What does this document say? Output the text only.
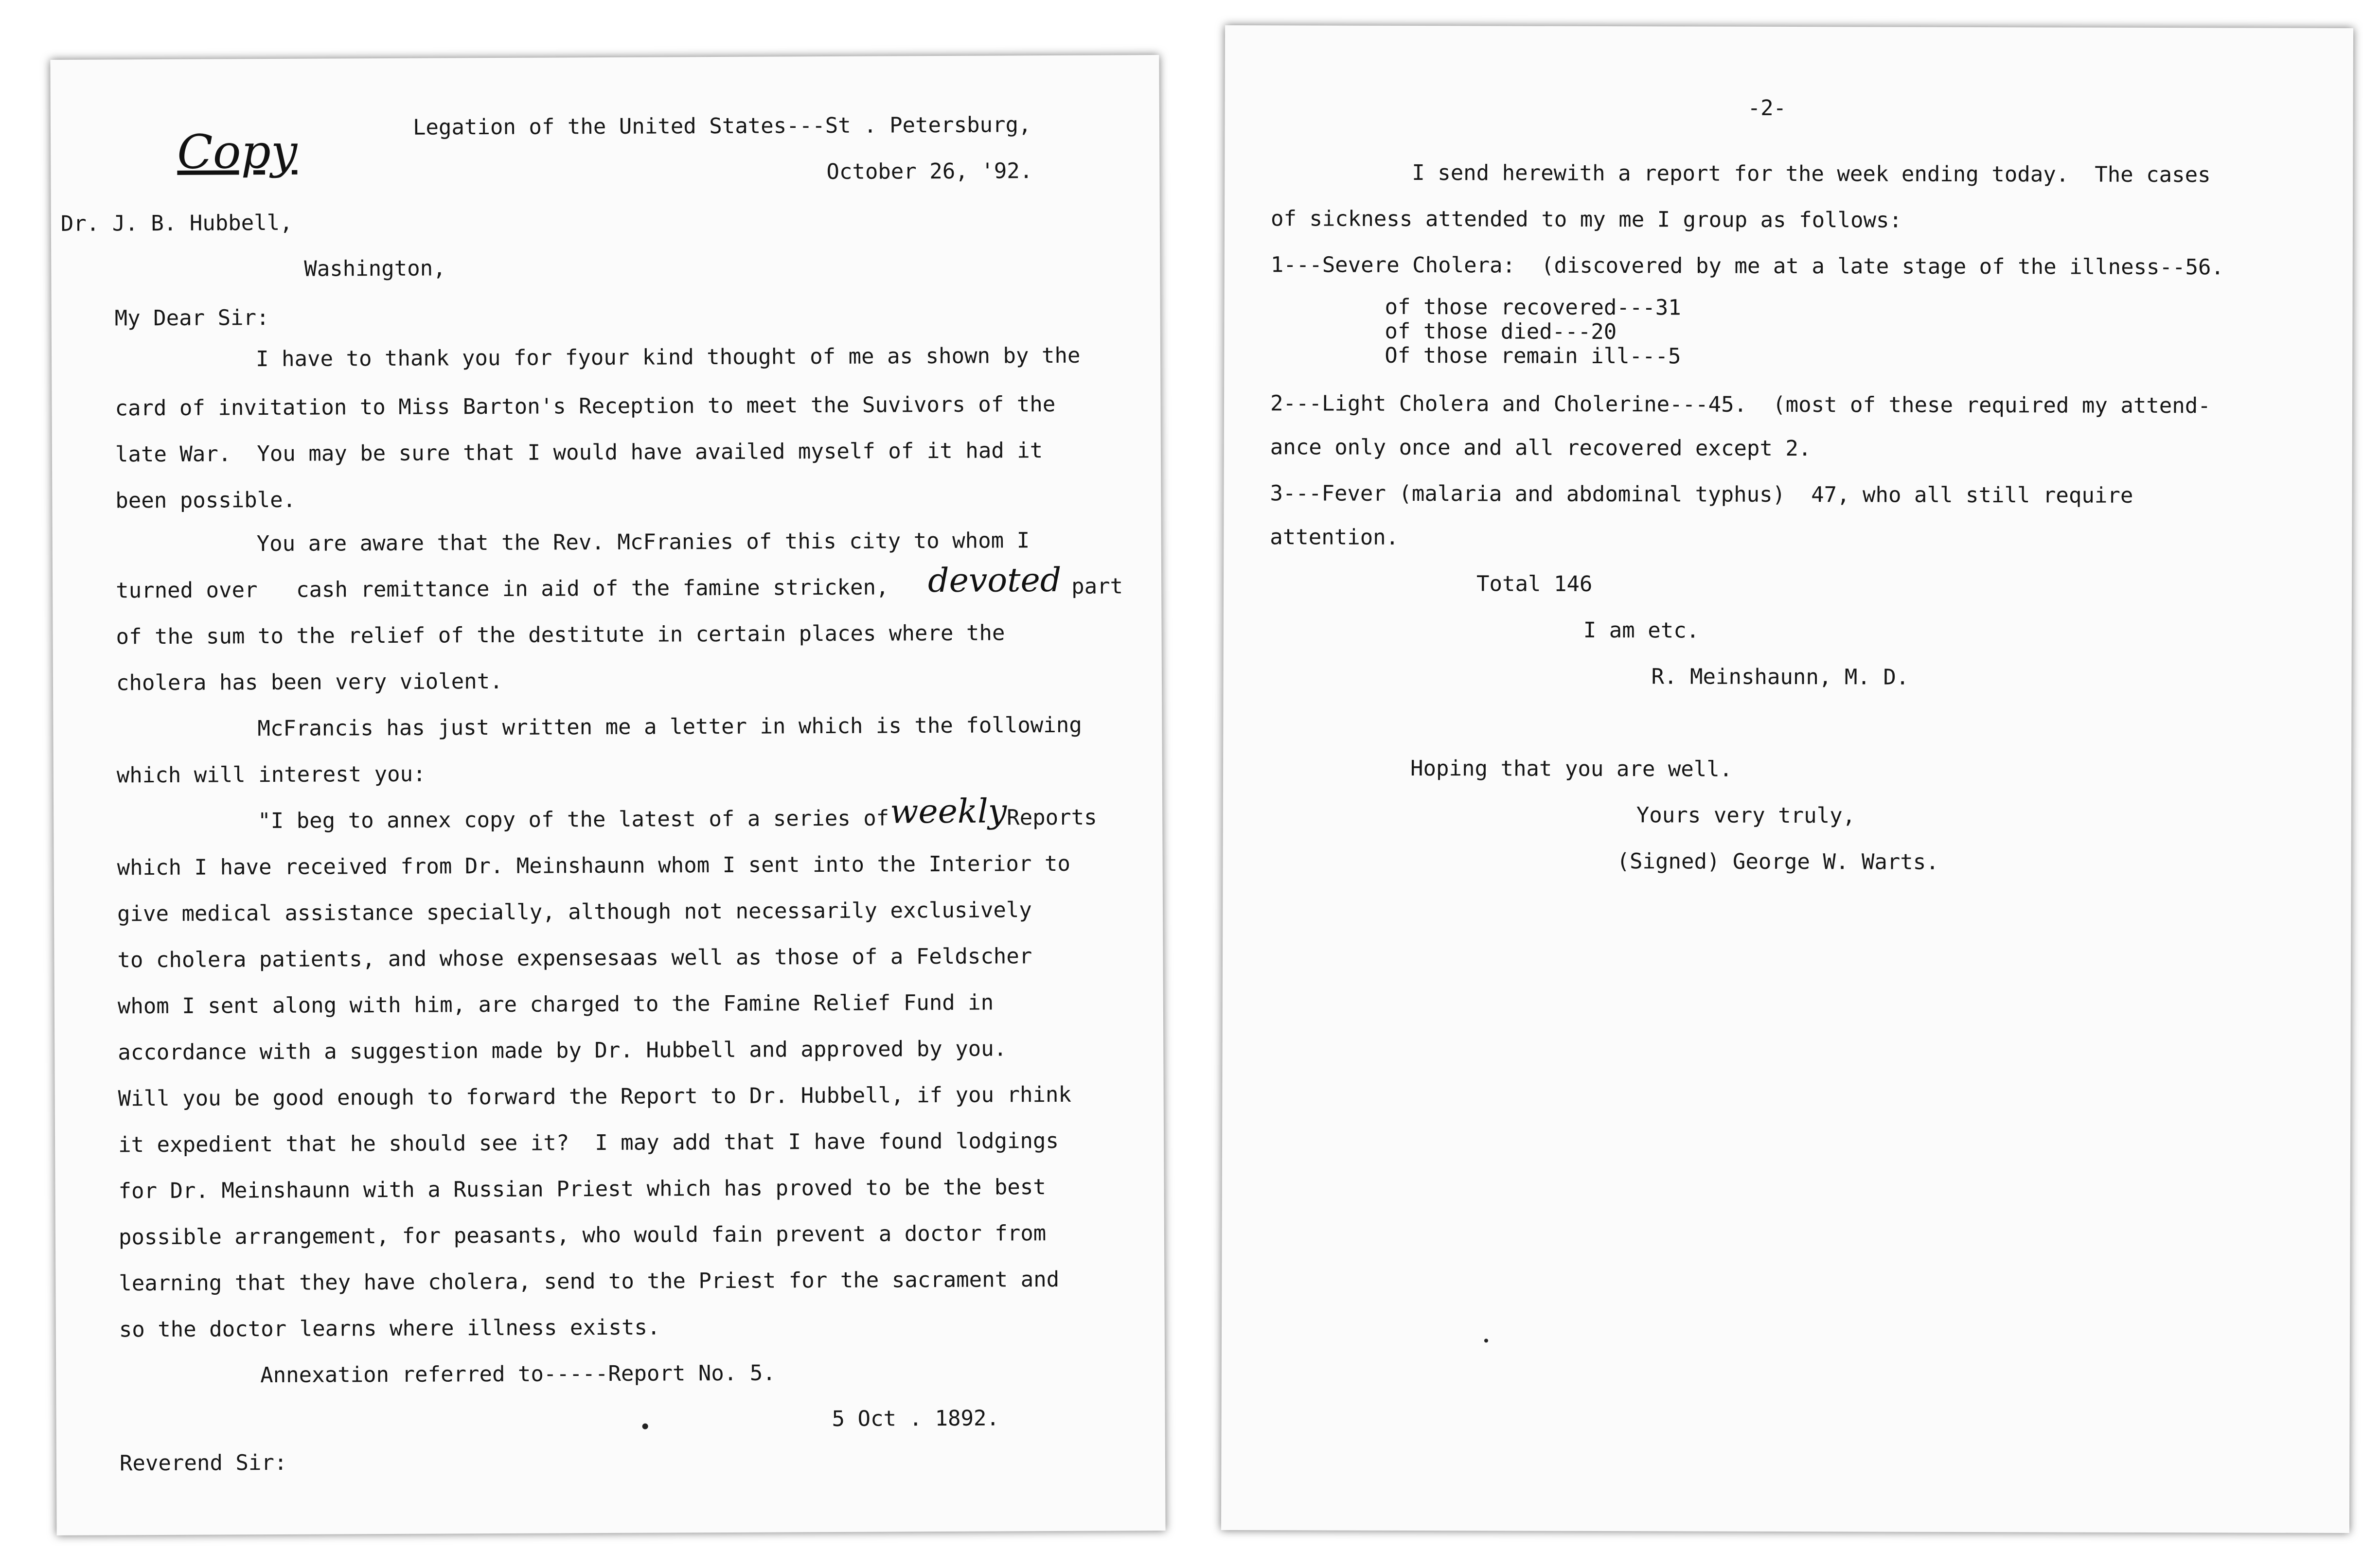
Copy	Legation of the United States---St . Petersburg,
October 26, '92.
Dr. J. B. Hubbell,
Washington,
My Dear Sir:
I have to thank you for fyour kind thought of me as shown by the
card of invitation to Miss Barton's Reception to meet the Suvivors of the
late War.  You may be sure that I would have availed myself of it had it
been possible.
You are aware that the Rev. McFranies of this city to whom I
turned over   cash remittance in aid of the famine stricken, devoted part
of the sum to the relief of the destitute in certain places where the
cholera has been very violent.
McFrancis has just written me a letter in which is the following
which will interest you:
"I beg to annex copy of the latest of a series of weekly Reports
which I have received from Dr. Meinshaunn whom I sent into the Interior to
give medical assistance specially, although not necessarily exclusively
to cholera patients, and whose expensesaas well as those of a Feldscher
whom I sent along with him, are charged to the Famine Relief Fund in
accordance with a suggestion made by Dr. Hubbell and approved by you.
Will you be good enough to forward the Report to Dr. Hubbell, if you rhink
it expedient that he should see it?  I may add that I have found lodgings
for Dr. Meinshaunn with a Russian Priest which has proved to be the best
possible arrangement, for peasants, who would fain prevent a doctor from
learning that they have cholera, send to the Priest for the sacrament and
so the doctor learns where illness exists.
Annexation referred to-----Report No. 5.
5 Oct . 1892.
Reverend Sir:
-2-
I send herewith a report for the week ending today.  The cases
of sickness attended to my me I group as follows:
1---Severe Cholera:  (discovered by me at a late stage of the illness--56.
of those recovered---31
of those died---20
Of those remain ill---5
2---Light Cholera and Cholerine---45.  (most of these required my attend-
ance only once and all recovered except 2.
3---Fever (malaria and abdominal typhus)  47, who all still require
attention.
Total 146
I am etc.
R. Meinshaunn, M. D.
Hoping that you are well.
Yours very truly,
(Signed) George W. Warts.
